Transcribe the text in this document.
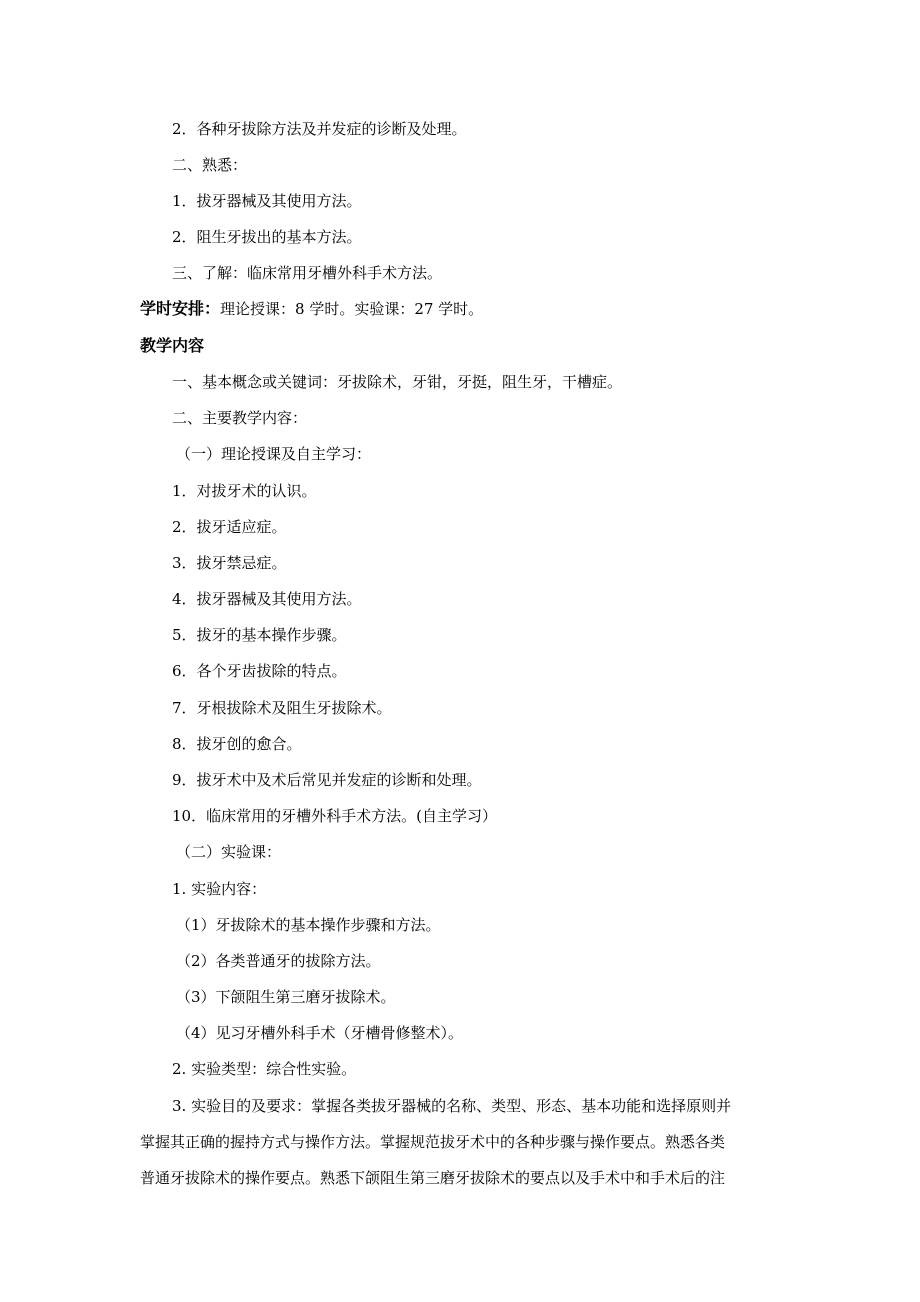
2．各种牙拔除方法及并发症的诊断及处理。
二、熟悉：
1．拔牙器械及其使用方法。
2．阻生牙拔出的基本方法。
三、了解：临床常用牙槽外科手术方法。
学时安排：理论授课：8 学时。实验课：27 学时。
教学内容
一、基本概念或关键词：牙拔除术，牙钳，牙挺，阻生牙，干槽症。
二、主要教学内容：
（一）理论授课及自主学习：
1．对拔牙术的认识。
2．拔牙适应症。
3．拔牙禁忌症。
4．拔牙器械及其使用方法。
5．拔牙的基本操作步骤。
6．各个牙齿拔除的特点。
7．牙根拔除术及阻生牙拔除术。
8．拔牙创的愈合。
9．拔牙术中及术后常见并发症的诊断和处理。
10．临床常用的牙槽外科手术方法。(自主学习）
（二）实验课：
1. 实验内容：
（1）牙拔除术的基本操作步骤和方法。
（2）各类普通牙的拔除方法。
（3）下颌阻生第三磨牙拔除术。
（4）见习牙槽外科手术（牙槽骨修整术）。
2. 实验类型：综合性实验。
3. 实验目的及要求：掌握各类拔牙器械的名称、类型、形态、基本功能和选择原则并
掌握其正确的握持方式与操作方法。掌握规范拔牙术中的各种步骤与操作要点。熟悉各类
普通牙拔除术的操作要点。熟悉下颌阻生第三磨牙拔除术的要点以及手术中和手术后的注
